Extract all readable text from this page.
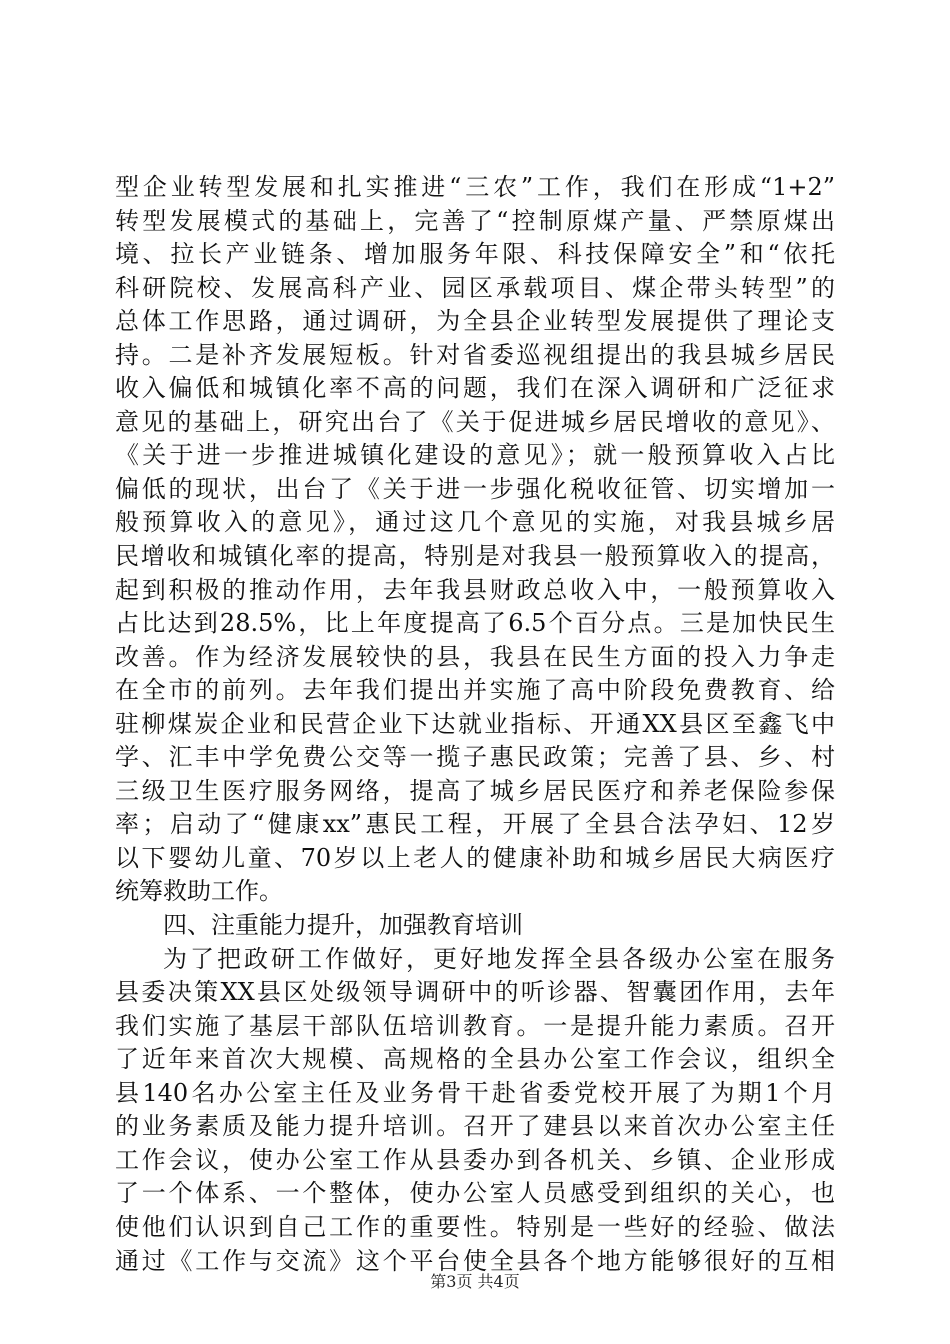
型企业转型发展和扎实推进“三农”工作，我们在形成“1+2”
转型发展模式的基础上，完善了“控制原煤产量、严禁原煤出
境、拉长产业链条、增加服务年限、科技保障安全”和“依托
科研院校、发展高科产业、园区承载项目、煤企带头转型”的
总体工作思路，通过调研，为全县企业转型发展提供了理论支
持。二是补齐发展短板。针对省委巡视组提出的我县城乡居民
收入偏低和城镇化率不高的问题，我们在深入调研和广泛征求
意见的基础上，研究出台了《关于促进城乡居民增收的意见》、
《关于进一步推进城镇化建设的意见》；就一般预算收入占比
偏低的现状，出台了《关于进一步强化税收征管、切实增加一
般预算收入的意见》，通过这几个意见的实施，对我县城乡居
民增收和城镇化率的提高，特别是对我县一般预算收入的提高，
起到积极的推动作用，去年我县财政总收入中，一般预算收入
占比达到28.5%，比上年度提高了6.5个百分点。三是加快民生
改善。作为经济发展较快的县，我县在民生方面的投入力争走
在全市的前列。去年我们提出并实施了高中阶段免费教育、给
驻柳煤炭企业和民营企业下达就业指标、开通XX县区至鑫飞中
学、汇丰中学免费公交等一揽子惠民政策；完善了县、乡、村
三级卫生医疗服务网络，提高了城乡居民医疗和养老保险参保
率；启动了“健康xx”惠民工程，开展了全县合法孕妇、12岁
以下婴幼儿童、70岁以上老人的健康补助和城乡居民大病医疗
统筹救助工作。
四、注重能力提升，加强教育培训
为了把政研工作做好，更好地发挥全县各级办公室在服务
县委决策XX县区处级领导调研中的听诊器、智囊团作用，去年
我们实施了基层干部队伍培训教育。一是提升能力素质。召开
了近年来首次大规模、高规格的全县办公室工作会议，组织全
县140名办公室主任及业务骨干赴省委党校开展了为期1个月
的业务素质及能力提升培训。召开了建县以来首次办公室主任
工作会议，使办公室工作从县委办到各机关、乡镇、企业形成
了一个体系、一个整体，使办公室人员感受到组织的关心，也
使他们认识到自己工作的重要性。特别是一些好的经验、做法
通过《工作与交流》这个平台使全县各个地方能够很好的互相
第3页 共4页
